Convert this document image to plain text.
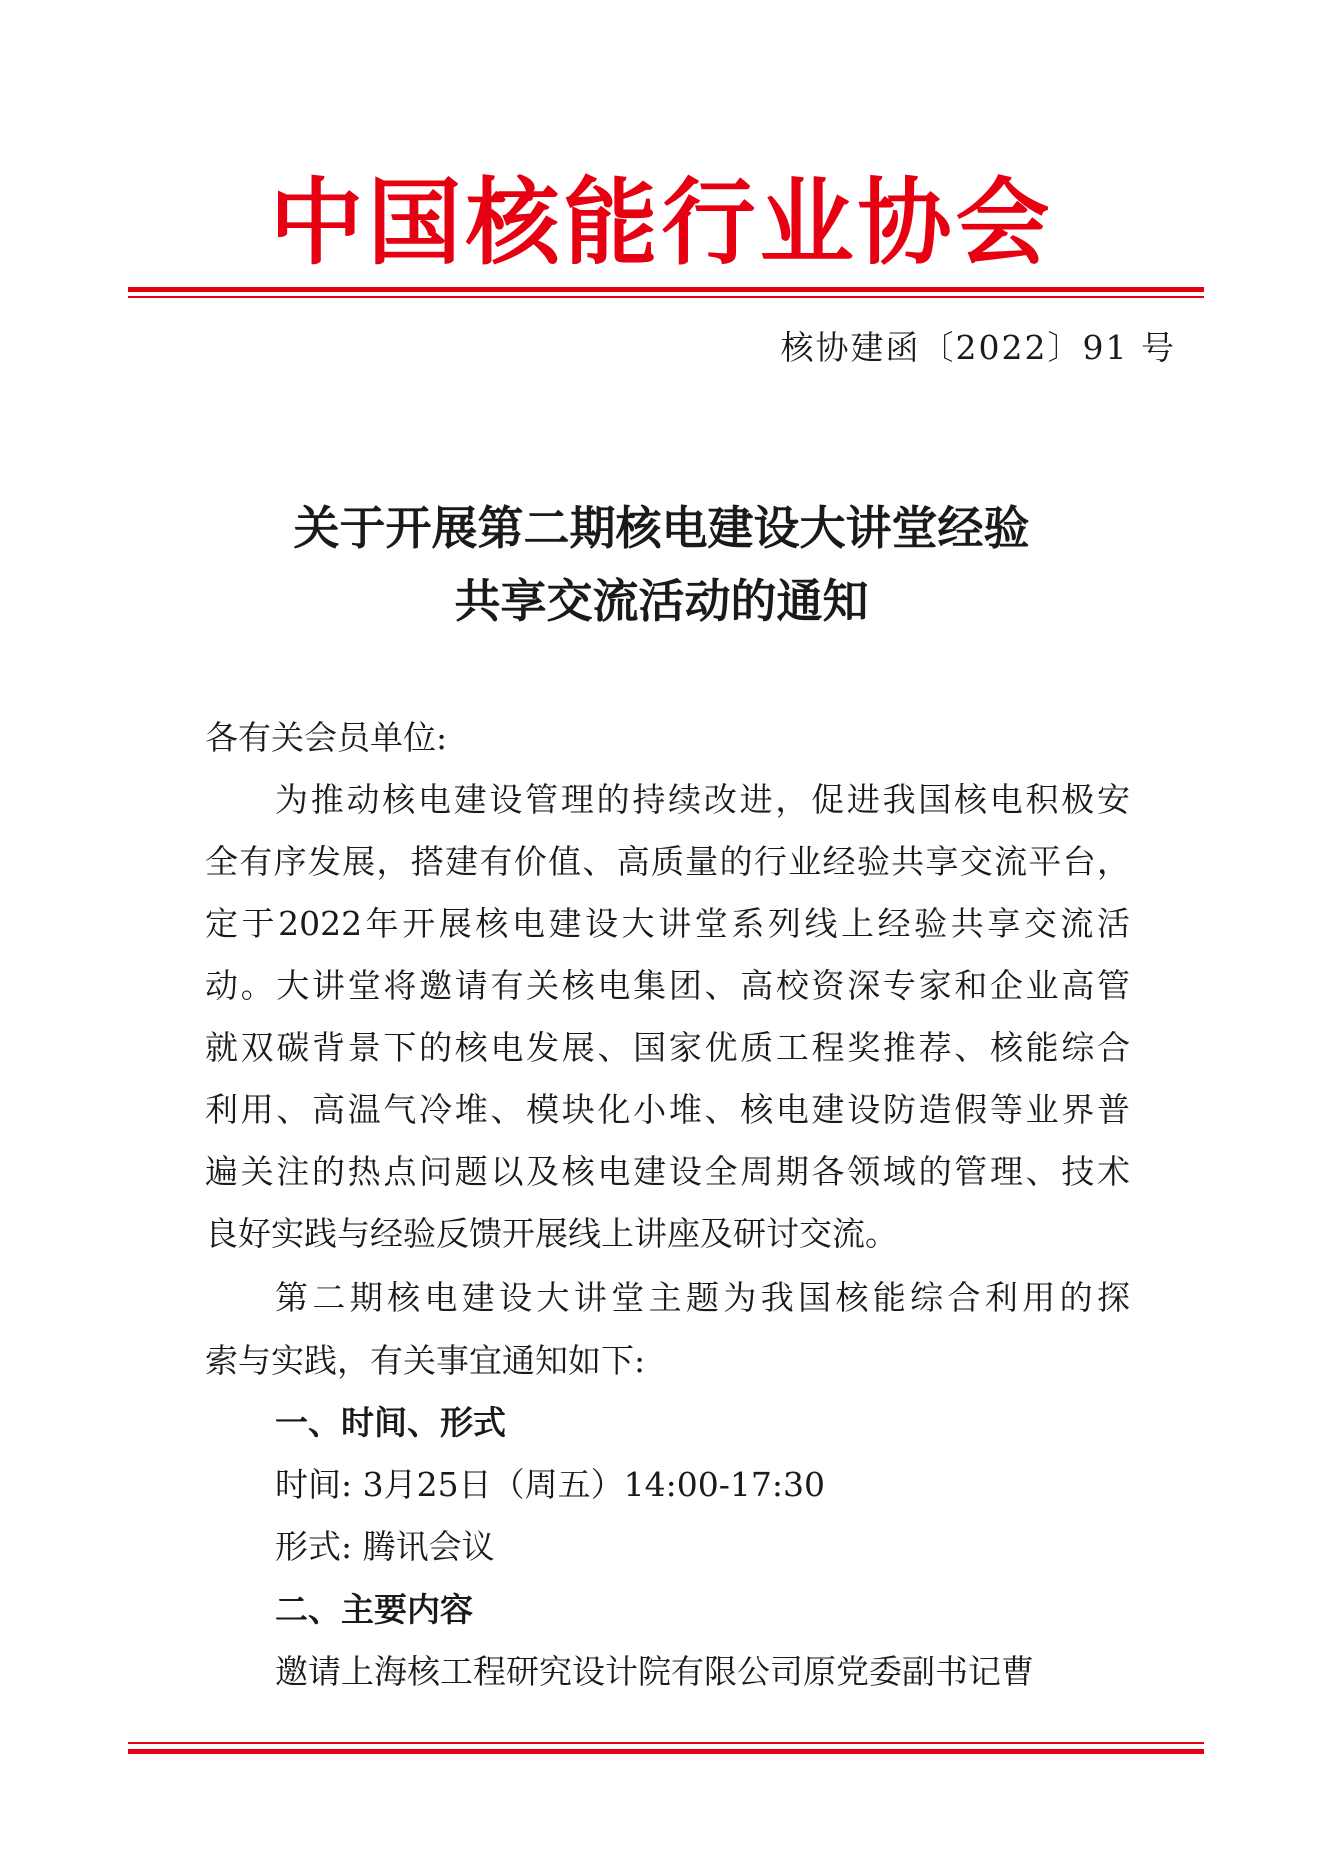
中国核能行业协会
核协建函〔2022〕91 号
关于开展第二期核电建设大讲堂经验
共享交流活动的通知
各有关会员单位:
为推动核电建设管理的持续改进，促进我国核电积极安
全有序发展，搭建有价值、高质量的行业经验共享交流平台，
定于2022年开展核电建设大讲堂系列线上经验共享交流活
动。大讲堂将邀请有关核电集团、高校资深专家和企业高管
就双碳背景下的核电发展、国家优质工程奖推荐、核能综合
利用、高温气冷堆、模块化小堆、核电建设防造假等业界普
遍关注的热点问题以及核电建设全周期各领域的管理、技术
良好实践与经验反馈开展线上讲座及研讨交流。
第二期核电建设大讲堂主题为我国核能综合利用的探
索与实践，有关事宜通知如下:
一、时间、形式
时间: 3月25日（周五）14:00-17:30
形式: 腾讯会议
二、主要内容
邀请上海核工程研究设计院有限公司原党委副书记曹
